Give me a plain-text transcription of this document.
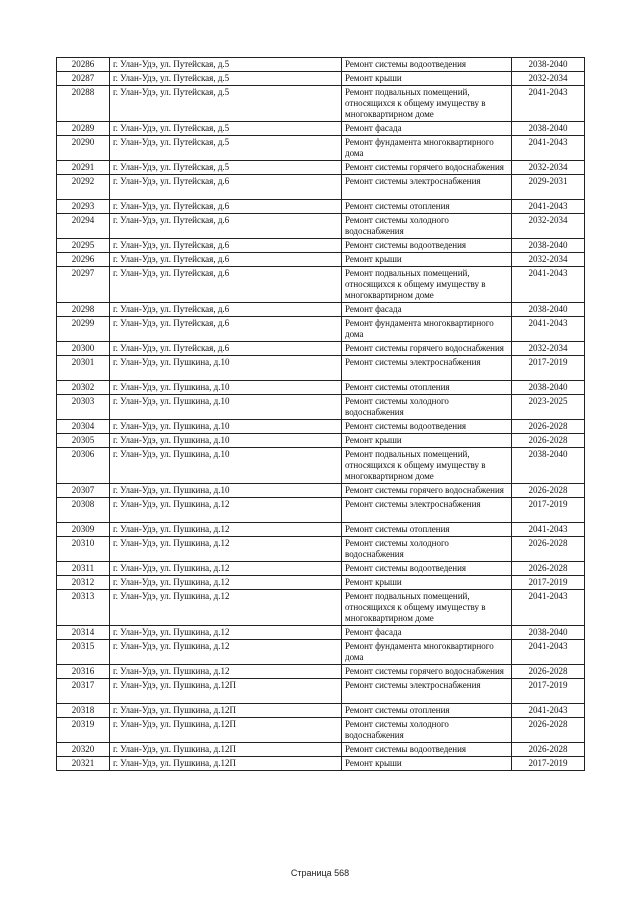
20286	г. Улан-Удэ, ул. Путейская, д.5	Ремонт системы водоотведения	2038-2040
20287	г. Улан-Удэ, ул. Путейская, д.5	Ремонт крыши	2032-2034
20288	г. Улан-Удэ, ул. Путейская, д.5	Ремонт подвальных помещений, относящихся к общему имуществу в многоквартирном доме	2041-2043
20289	г. Улан-Удэ, ул. Путейская, д.5	Ремонт фасада	2038-2040
20290	г. Улан-Удэ, ул. Путейская, д.5	Ремонт фундамента многоквартирного дома	2041-2043
20291	г. Улан-Удэ, ул. Путейская, д.5	Ремонт системы горячего водоснабжения	2032-2034
20292	г. Улан-Удэ, ул. Путейская, д.6	Ремонт системы электроснабжения	2029-2031
20293	г. Улан-Удэ, ул. Путейская, д.6	Ремонт системы отопления	2041-2043
20294	г. Улан-Удэ, ул. Путейская, д.6	Ремонт системы холодного водоснабжения	2032-2034
20295	г. Улан-Удэ, ул. Путейская, д.6	Ремонт системы водоотведения	2038-2040
20296	г. Улан-Удэ, ул. Путейская, д.6	Ремонт крыши	2032-2034
20297	г. Улан-Удэ, ул. Путейская, д.6	Ремонт подвальных помещений, относящихся к общему имуществу в многоквартирном доме	2041-2043
20298	г. Улан-Удэ, ул. Путейская, д.6	Ремонт фасада	2038-2040
20299	г. Улан-Удэ, ул. Путейская, д.6	Ремонт фундамента многоквартирного дома	2041-2043
20300	г. Улан-Удэ, ул. Путейская, д.6	Ремонт системы горячего водоснабжения	2032-2034
20301	г. Улан-Удэ, ул. Пушкина, д.10	Ремонт системы электроснабжения	2017-2019
20302	г. Улан-Удэ, ул. Пушкина, д.10	Ремонт системы отопления	2038-2040
20303	г. Улан-Удэ, ул. Пушкина, д.10	Ремонт системы холодного водоснабжения	2023-2025
20304	г. Улан-Удэ, ул. Пушкина, д.10	Ремонт системы водоотведения	2026-2028
20305	г. Улан-Удэ, ул. Пушкина, д.10	Ремонт крыши	2026-2028
20306	г. Улан-Удэ, ул. Пушкина, д.10	Ремонт подвальных помещений, относящихся к общему имуществу в многоквартирном доме	2038-2040
20307	г. Улан-Удэ, ул. Пушкина, д.10	Ремонт системы горячего водоснабжения	2026-2028
20308	г. Улан-Удэ, ул. Пушкина, д.12	Ремонт системы электроснабжения	2017-2019
20309	г. Улан-Удэ, ул. Пушкина, д.12	Ремонт системы отопления	2041-2043
20310	г. Улан-Удэ, ул. Пушкина, д.12	Ремонт системы холодного водоснабжения	2026-2028
20311	г. Улан-Удэ, ул. Пушкина, д.12	Ремонт системы водоотведения	2026-2028
20312	г. Улан-Удэ, ул. Пушкина, д.12	Ремонт крыши	2017-2019
20313	г. Улан-Удэ, ул. Пушкина, д.12	Ремонт подвальных помещений, относящихся к общему имуществу в многоквартирном доме	2041-2043
20314	г. Улан-Удэ, ул. Пушкина, д.12	Ремонт фасада	2038-2040
20315	г. Улан-Удэ, ул. Пушкина, д.12	Ремонт фундамента многоквартирного дома	2041-2043
20316	г. Улан-Удэ, ул. Пушкина, д.12	Ремонт системы горячего водоснабжения	2026-2028
20317	г. Улан-Удэ, ул. Пушкина, д.12П	Ремонт системы электроснабжения	2017-2019
20318	г. Улан-Удэ, ул. Пушкина, д.12П	Ремонт системы отопления	2041-2043
20319	г. Улан-Удэ, ул. Пушкина, д.12П	Ремонт системы холодного водоснабжения	2026-2028
20320	г. Улан-Удэ, ул. Пушкина, д.12П	Ремонт системы водоотведения	2026-2028
20321	г. Улан-Удэ, ул. Пушкина, д.12П	Ремонт крыши	2017-2019
Страница 568
